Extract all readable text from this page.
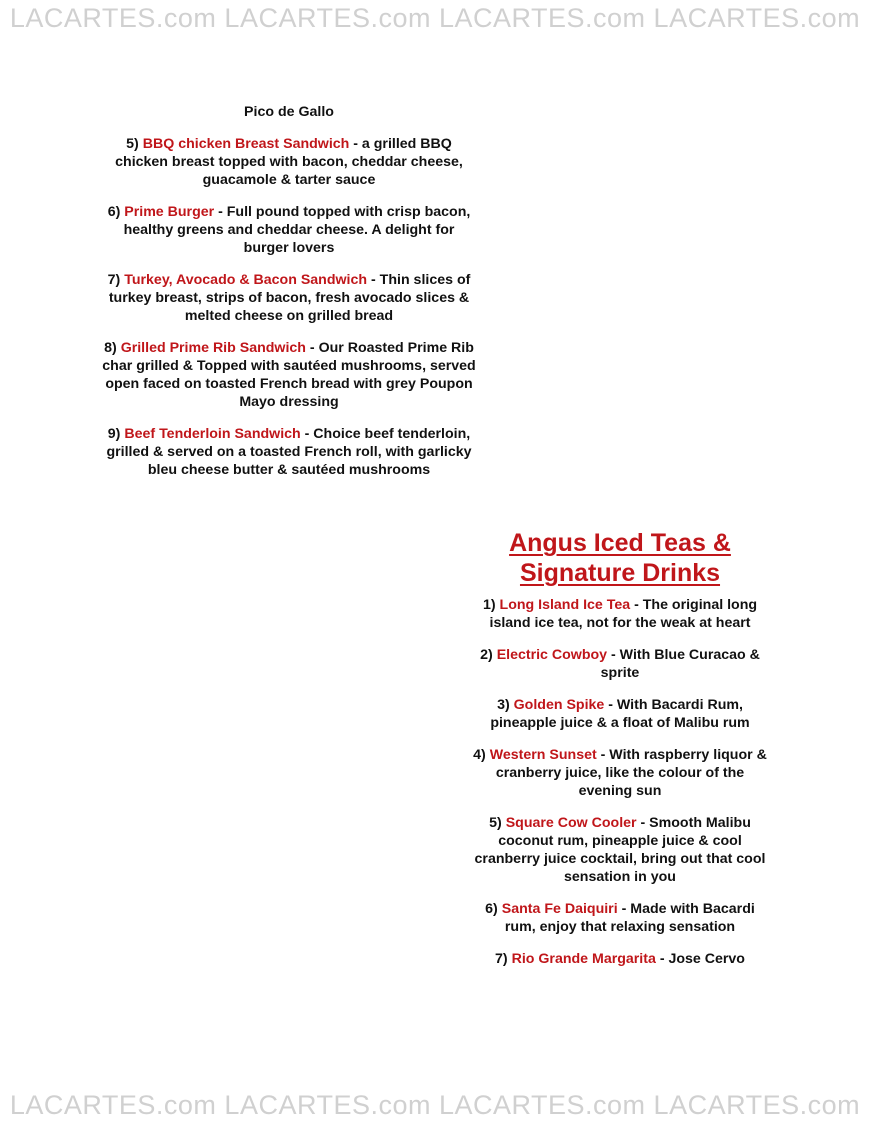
LACARTES.com LACARTES.com LACARTES.com LACARTES.com

Pico de Gallo

5) BBQ chicken Breast Sandwich - a grilled BBQ chicken breast topped with bacon, cheddar cheese, guacamole & tarter sauce

6) Prime Burger - Full pound topped with crisp bacon, healthy greens and cheddar cheese. A delight for burger lovers

7) Turkey, Avocado & Bacon Sandwich - Thin slices of turkey breast, strips of bacon, fresh avocado slices & melted cheese on grilled bread

8) Grilled Prime Rib Sandwich - Our Roasted Prime Rib char grilled & Topped with sautéed mushrooms, served open faced on toasted French bread with grey Poupon Mayo dressing

9) Beef Tenderloin Sandwich - Choice beef tenderloin, grilled & served on a toasted French roll, with garlicky bleu cheese butter & sautéed mushrooms

Angus Iced Teas &
Signature Drinks

1) Long Island Ice Tea - The original long island ice tea, not for the weak at heart

2) Electric Cowboy - With Blue Curacao & sprite

3) Golden Spike - With Bacardi Rum, pineapple juice & a float of Malibu rum

4) Western Sunset - With raspberry liquor & cranberry juice, like the colour of the evening sun

5) Square Cow Cooler - Smooth Malibu coconut rum, pineapple juice & cool cranberry juice cocktail, bring out that cool sensation in you

6) Santa Fe Daiquiri - Made with Bacardi rum, enjoy that relaxing sensation

7) Rio Grande Margarita - Jose Cervo

LACARTES.com LACARTES.com LACARTES.com LACARTES.com
